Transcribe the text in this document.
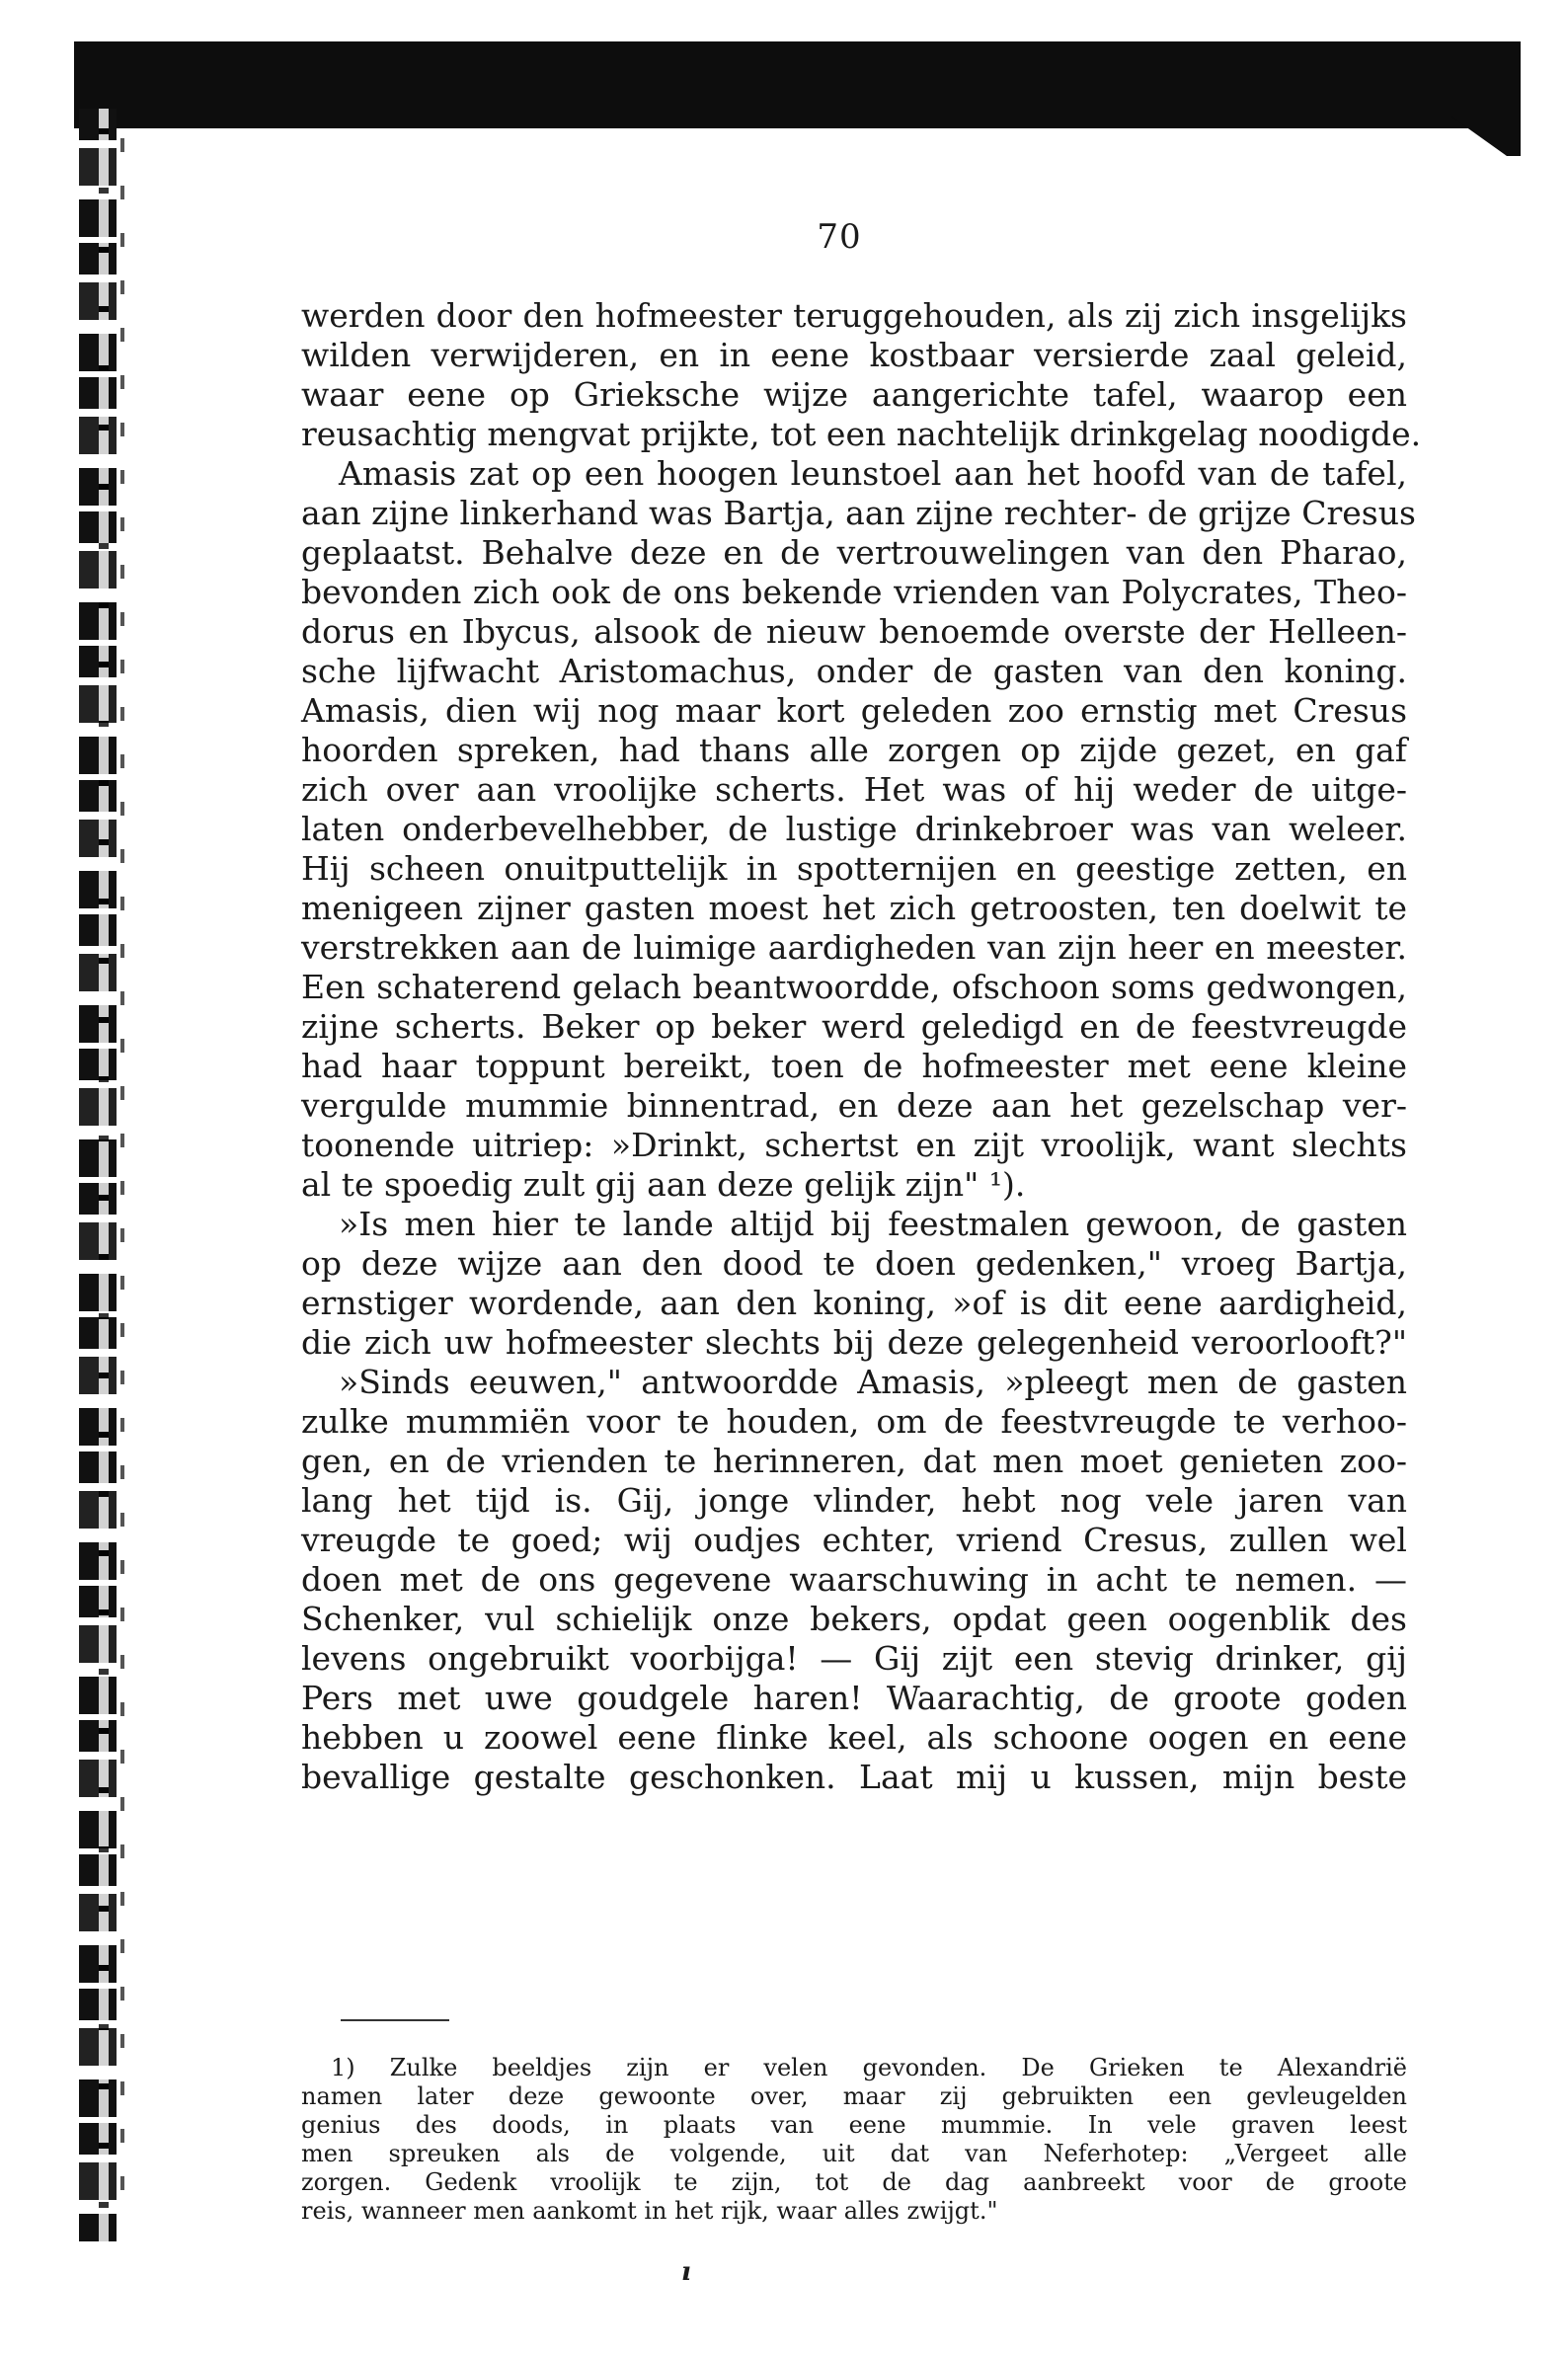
70
werden door den hofmeester teruggehouden, als zij zich insgelijks
wilden verwijderen, en in eene kostbaar versierde zaal geleid,
waar eene op Grieksche wijze aangerichte tafel, waarop een
reusachtig mengvat prijkte, tot een nachtelijk drinkgelag noodigde.
Amasis zat op een hoogen leunstoel aan het hoofd van de tafel,
aan zijne linkerhand was Bartja, aan zijne rechter- de grijze Cresus
geplaatst. Behalve deze en de vertrouwelingen van den Pharao,
bevonden zich ook de ons bekende vrienden van Polycrates, Theo-
dorus en Ibycus, alsook de nieuw benoemde overste der Helleen-
sche lijfwacht Aristomachus, onder de gasten van den koning.
Amasis, dien wij nog maar kort geleden zoo ernstig met Cresus
hoorden spreken, had thans alle zorgen op zijde gezet, en gaf
zich over aan vroolijke scherts. Het was of hij weder de uitge-
laten onderbevelhebber, de lustige drinkebroer was van weleer.
Hij scheen onuitputtelijk in spotternijen en geestige zetten, en
menigeen zijner gasten moest het zich getroosten, ten doelwit te
verstrekken aan de luimige aardigheden van zijn heer en meester.
Een schaterend gelach beantwoordde, ofschoon soms gedwongen,
zijne scherts. Beker op beker werd geledigd en de feestvreugde
had haar toppunt bereikt, toen de hofmeester met eene kleine
vergulde mummie binnentrad, en deze aan het gezelschap ver-
toonende uitriep: »Drinkt, schertst en zijt vroolijk, want slechts
al te spoedig zult gij aan deze gelijk zijn" ¹).
»Is men hier te lande altijd bij feestmalen gewoon, de gasten
op deze wijze aan den dood te doen gedenken," vroeg Bartja,
ernstiger wordende, aan den koning, »of is dit eene aardigheid,
die zich uw hofmeester slechts bij deze gelegenheid veroorlooft?"
»Sinds eeuwen," antwoordde Amasis, »pleegt men de gasten
zulke mummiën voor te houden, om de feestvreugde te verhoo-
gen, en de vrienden te herinneren, dat men moet genieten zoo-
lang het tijd is. Gij, jonge vlinder, hebt nog vele jaren van
vreugde te goed; wij oudjes echter, vriend Cresus, zullen wel
doen met de ons gegevene waarschuwing in acht te nemen. —
Schenker, vul schielijk onze bekers, opdat geen oogenblik des
levens ongebruikt voorbijga! — Gij zijt een stevig drinker, gij
Pers met uwe goudgele haren! Waarachtig, de groote goden
hebben u zoowel eene flinke keel, als schoone oogen en eene
bevallige gestalte geschonken. Laat mij u kussen, mijn beste
1) Zulke beeldjes zijn er velen gevonden. De Grieken te Alexandrië
namen later deze gewoonte over, maar zij gebruikten een gevleugelden
genius des doods, in plaats van eene mummie. In vele graven leest
men spreuken als de volgende, uit dat van Neferhotep: „Vergeet alle
zorgen. Gedenk vroolijk te zijn, tot de dag aanbreekt voor de groote
reis, wanneer men aankomt in het rijk, waar alles zwijgt."
ı
